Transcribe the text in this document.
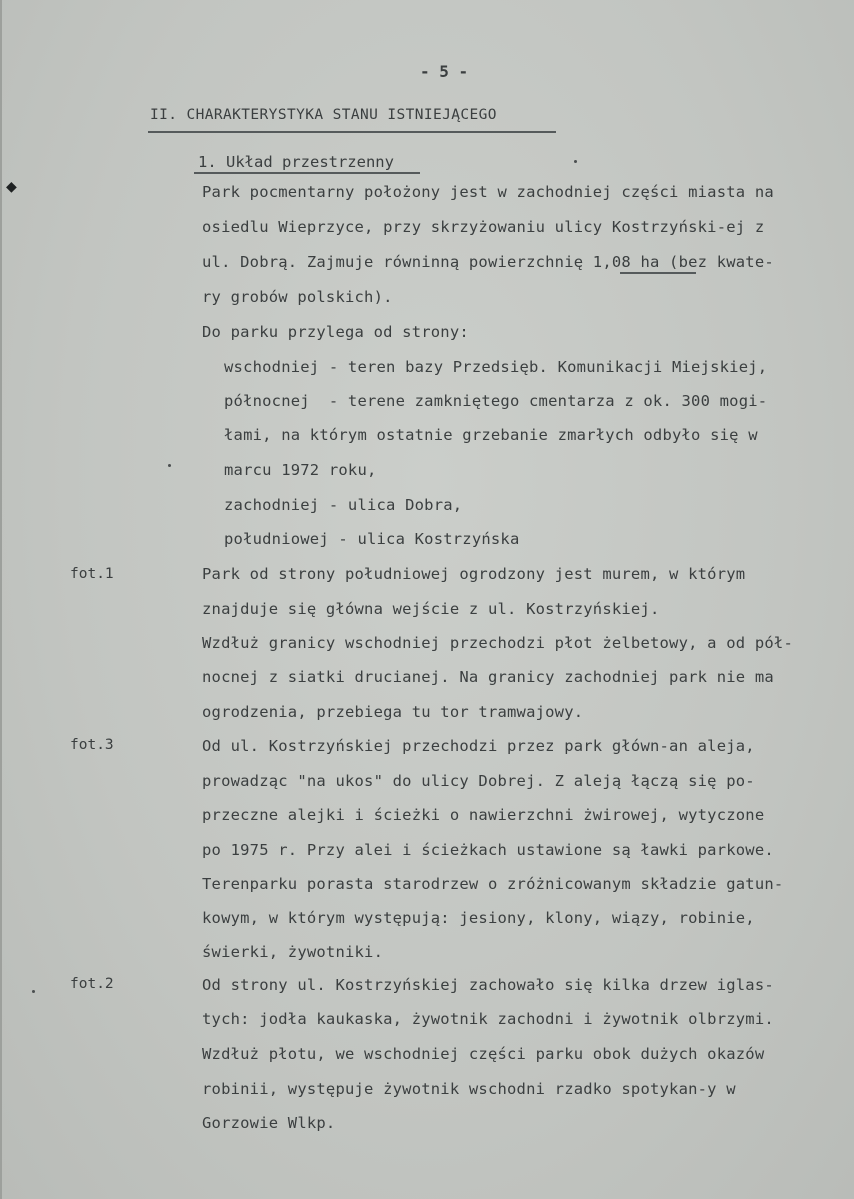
◆
- 5 -
II. CHARAKTERYSTYKA STANU ISTNIEJĄCEGO
1. Układ przestrzenny
fot.1
fot.3
fot.2
Park pocmentarny położony jest w zachodniej części miasta na
osiedlu Wieprzyce, przy skrzyżowaniu ulicy Kostrzyński-ej z
ul. Dobrą. Zajmuje równinną powierzchnię 1,08 ha (bez kwate-
ry grobów polskich).
Do parku przylega od strony:
wschodniej - teren bazy Przedsięb. Komunikacji Miejskiej,
północnej  - terene zamkniętego cmentarza z ok. 300 mogi-
łami, na którym ostatnie grzebanie zmarłych odbyło się w
marcu 1972 roku,
zachodniej - ulica Dobra,
południowej - ulica Kostrzyńska
Park od strony południowej ogrodzony jest murem, w którym
znajduje się główna wejście z ul. Kostrzyńskiej.
Wzdłuż granicy wschodniej przechodzi płot żelbetowy, a od pół-
nocnej z siatki drucianej. Na granicy zachodniej park nie ma
ogrodzenia, przebiega tu tor tramwajowy.
Od ul. Kostrzyńskiej przechodzi przez park główn-an aleja,
prowadząc "na ukos" do ulicy Dobrej. Z aleją łączą się po-
przeczne alejki i ścieżki o nawierzchni żwirowej, wytyczone
po 1975 r. Przy alei i ścieżkach ustawione są ławki parkowe.
Terenparku porasta starodrzew o zróżnicowanym składzie gatun-
kowym, w którym występują: jesiony, klony, wiązy, robinie,
świerki, żywotniki.
Od strony ul. Kostrzyńskiej zachowało się kilka drzew iglas-
tych: jodła kaukaska, żywotnik zachodni i żywotnik olbrzymi.
Wzdłuż płotu, we wschodniej części parku obok dużych okazów
robinii, występuje żywotnik wschodni rzadko spotykan-y w
Gorzowie Wlkp.
